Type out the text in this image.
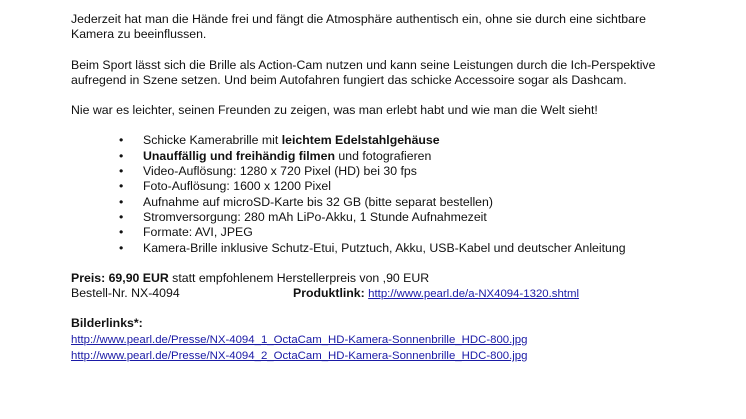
Jederzeit hat man die Hände frei und fängt die Atmosphäre authentisch ein, ohne sie durch eine sichtbare Kamera zu beeinflussen.

Beim Sport lässt sich die Brille als Action-Cam nutzen und kann seine Leistungen durch die Ich-Perspektive aufregend in Szene setzen. Und beim Autofahren fungiert das schicke Accessoire sogar als Dashcam.

Nie war es leichter, seinen Freunden zu zeigen, was man erlebt habt und wie man die Welt sieht!

• Schicke Kamerabrille mit leichtem Edelstahlgehäuse
• Unauffällig und freihändig filmen und fotografieren
• Video-Auflösung: 1280 x 720 Pixel (HD) bei 30 fps
• Foto-Auflösung: 1600 x 1200 Pixel
• Aufnahme auf microSD-Karte bis 32 GB (bitte separat bestellen)
• Stromversorgung: 280 mAh LiPo-Akku, 1 Stunde Aufnahmezeit
• Formate: AVI, JPEG
• Kamera-Brille inklusive Schutz-Etui, Putztuch, Akku, USB-Kabel und deutscher Anleitung

Preis: 69,90 EUR statt empfohlenem Herstellerpreis von ,90 EUR

Bestell-Nr. NX-4094	Produktlink: http://www.pearl.de/a-NX4094-1320.shtml

Bilderlinks*:

http://www.pearl.de/Presse/NX-4094_1_OctaCam_HD-Kamera-Sonnenbrille_HDC-800.jpg

http://www.pearl.de/Presse/NX-4094_2_OctaCam_HD-Kamera-Sonnenbrille_HDC-800.jpg
